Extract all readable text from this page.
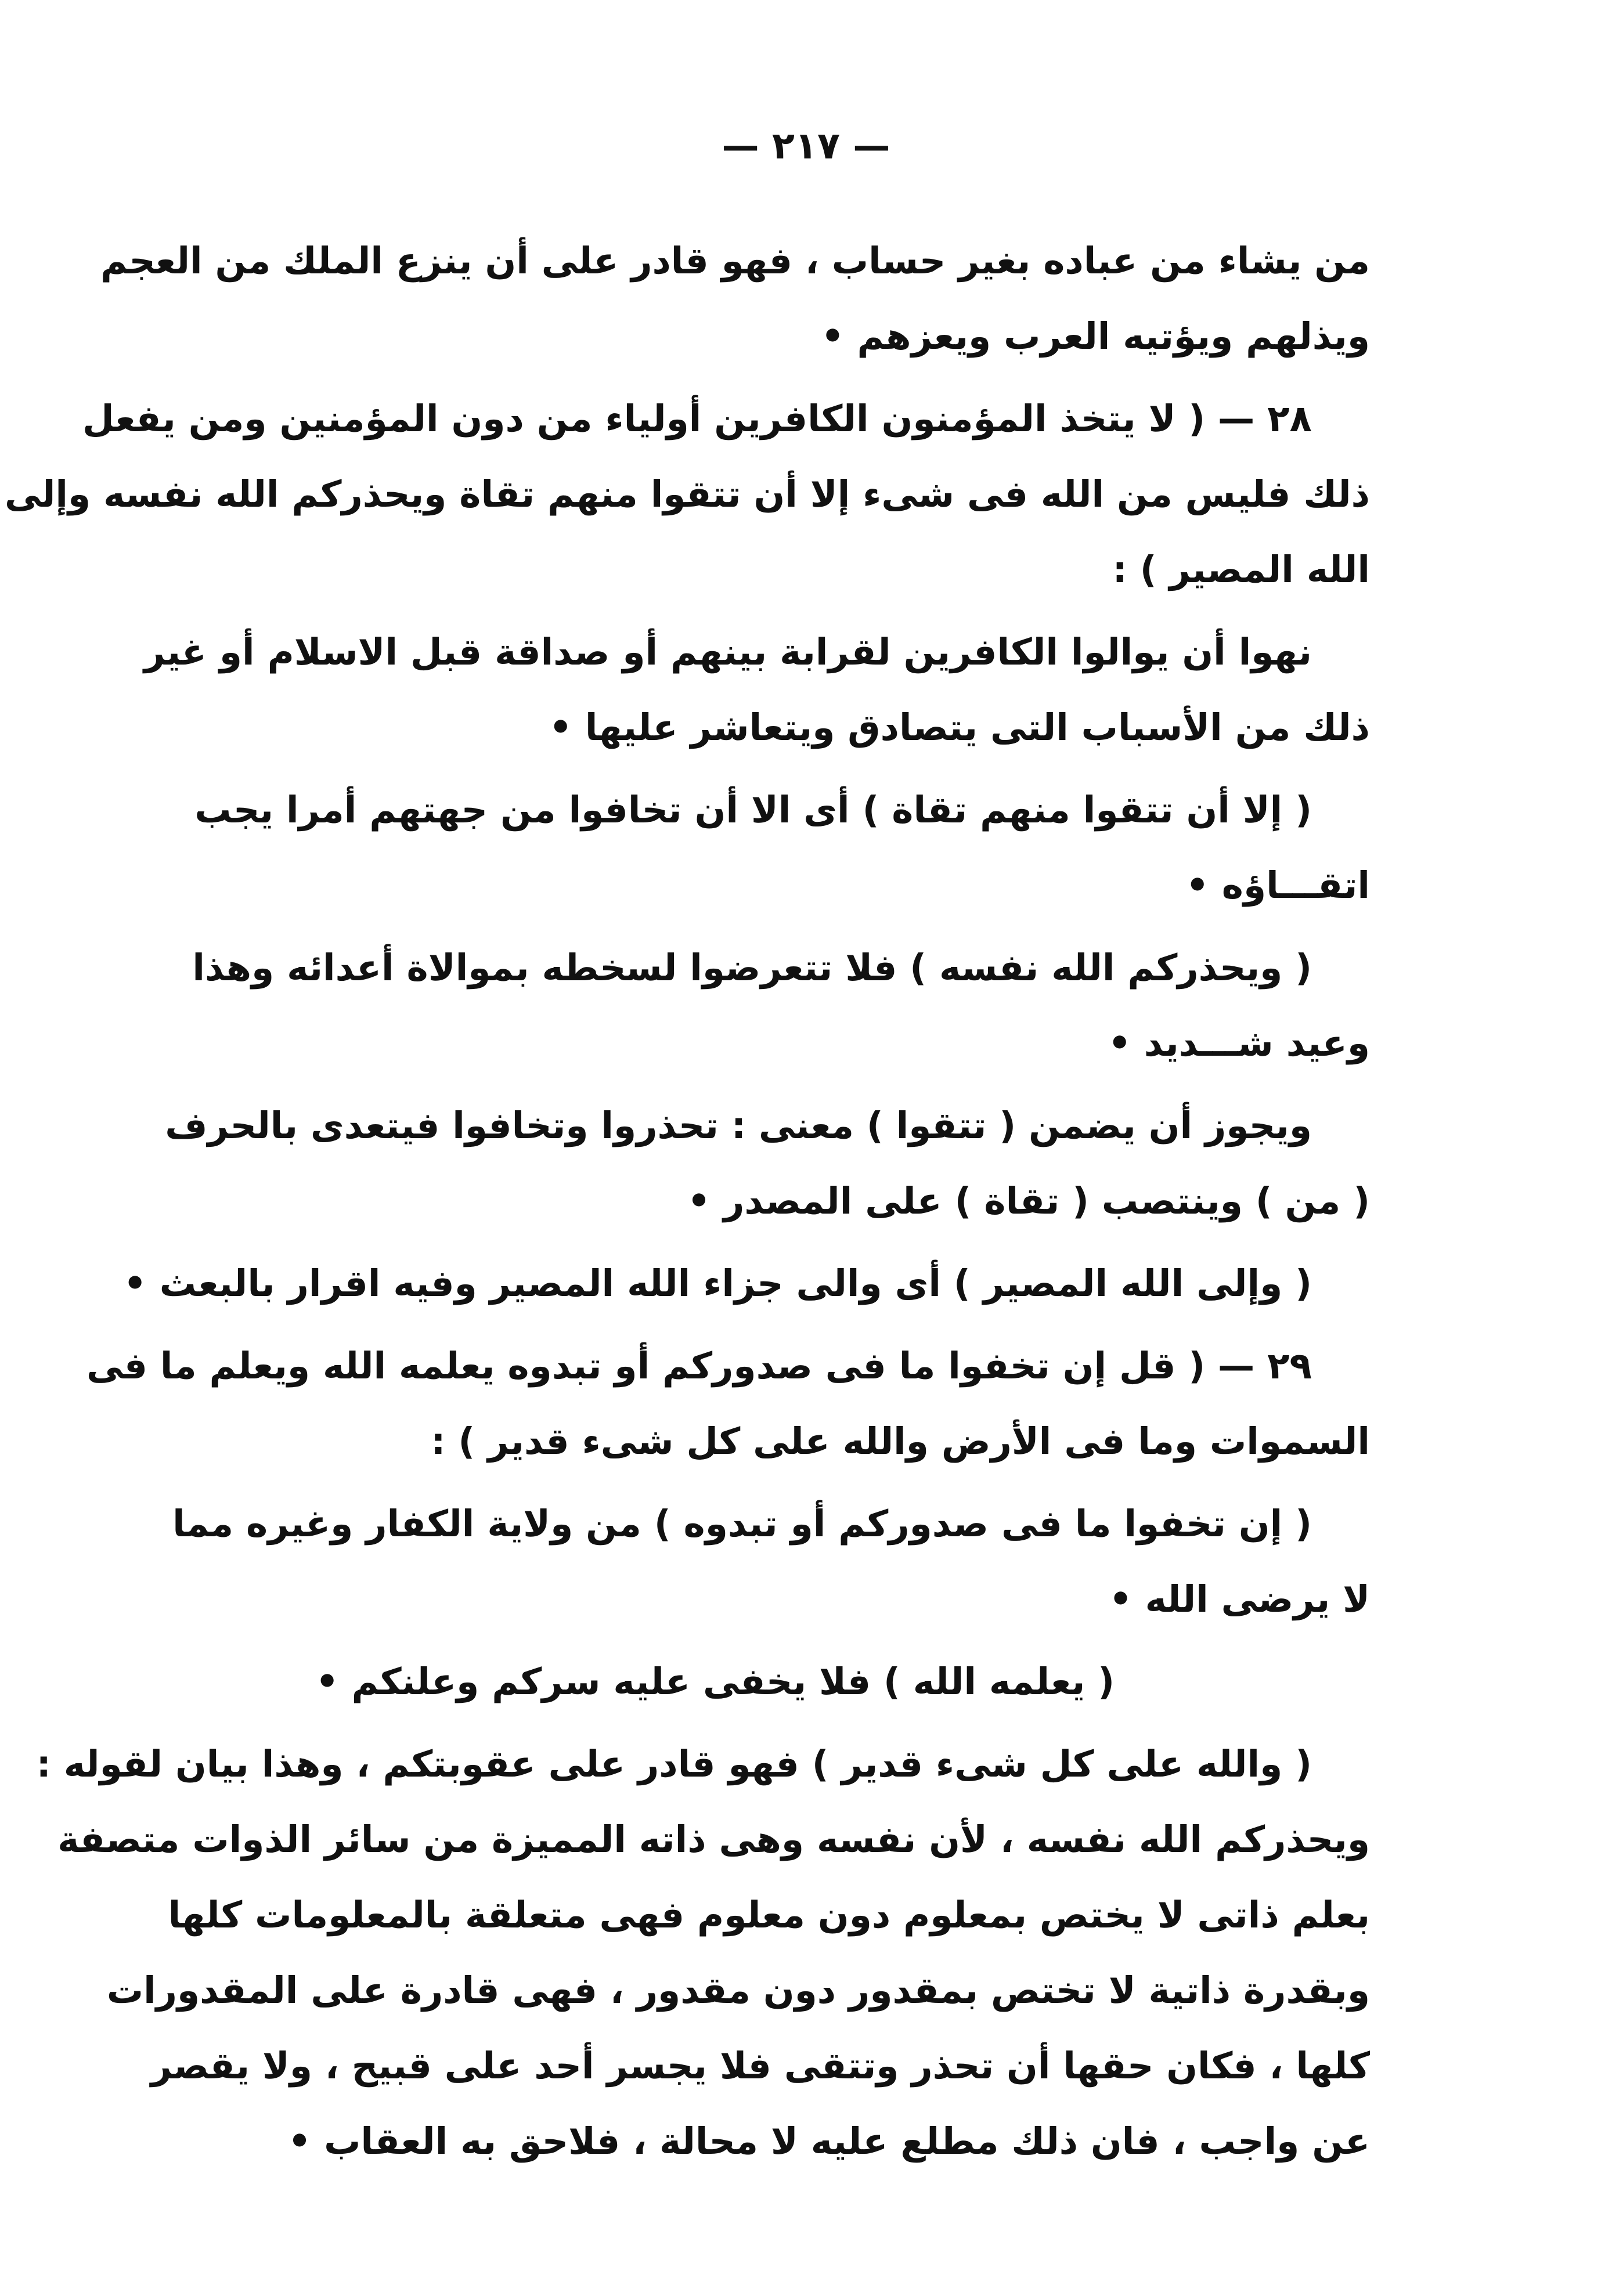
— ٢١٧ —
من يشاء من عباده بغير حساب ، فهو قادر على أن ينزع الملك من العجم
ويذلهم ويؤتيه العرب ويعزهم •
٢٨ — ( لا يتخذ المؤمنون الكافرين أولياء من دون المؤمنين ومن يفعل
ذلك فليس من الله فى شىء إلا أن تتقوا منهم تقاة ويحذركم الله نفسه وإلى
الله المصير ) :
نهوا أن يوالوا الكافرين لقرابة بينهم أو صداقة قبل الاسلام أو غير
ذلك من الأسباب التى يتصادق ويتعاشر عليها •
( إلا أن تتقوا منهم تقاة ) أى الا أن تخافوا من جهتهم أمرا يجب
اتقـــاؤه •
( ويحذركم الله نفسه ) فلا تتعرضوا لسخطه بموالاة أعدائه وهذا
وعيد شـــديد •
ويجوز أن يضمن ( تتقوا ) معنى : تحذروا وتخافوا فيتعدى بالحرف
( من ) وينتصب ( تقاة ) على المصدر •
( وإلى الله المصير ) أى والى جزاء الله المصير وفيه اقرار بالبعث •
٢٩ — ( قل إن تخفوا ما فى صدوركم أو تبدوه يعلمه الله ويعلم ما فى
السموات وما فى الأرض والله على كل شىء قدير ) :
( إن تخفوا ما فى صدوركم أو تبدوه ) من ولاية الكفار وغيره مما
لا يرضى الله •
( يعلمه الله ) فلا يخفى عليه سركم وعلنكم •
( والله على كل شىء قدير ) فهو قادر على عقوبتكم ، وهذا بيان لقوله :
ويحذركم الله نفسه ، لأن نفسه وهى ذاته المميزة من سائر الذوات متصفة
بعلم ذاتى لا يختص بمعلوم دون معلوم فهى متعلقة بالمعلومات كلها
وبقدرة ذاتية لا تختص بمقدور دون مقدور ، فهى قادرة على المقدورات
كلها ، فكان حقها أن تحذر وتتقى فلا يجسر أحد على قبيح ، ولا يقصر
عن واجب ، فان ذلك مطلع عليه لا محالة ، فلاحق به العقاب •
